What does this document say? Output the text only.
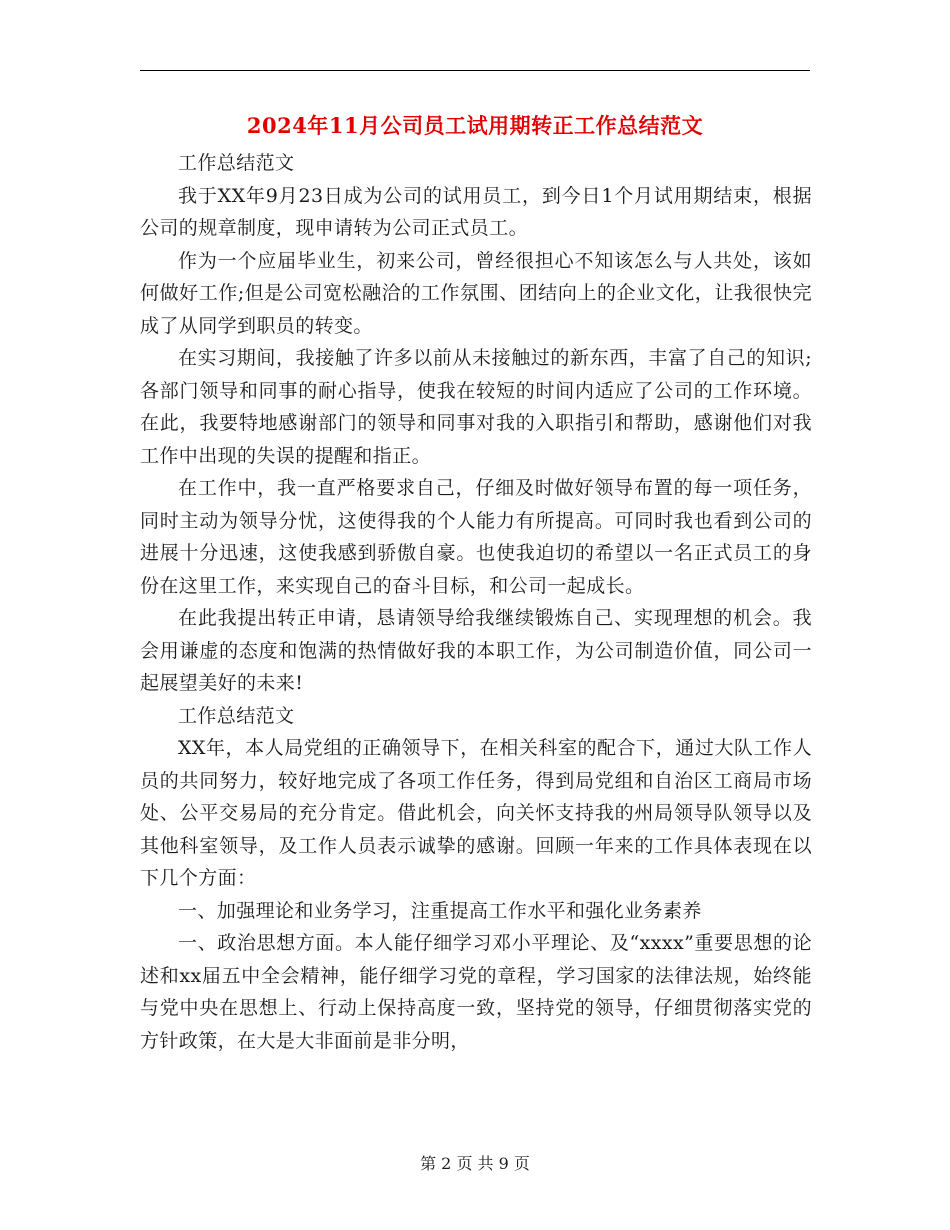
2024年11月公司员工试用期转正工作总结范文

工作总结范文

我于XX年9月23日成为公司的试用员工，到今日1个月试用期结束，根据公司的规章制度，现申请转为公司正式员工。

作为一个应届毕业生，初来公司，曾经很担心不知该怎么与人共处，该如何做好工作;但是公司宽松融洽的工作氛围、团结向上的企业文化，让我很快完成了从同学到职员的转变。

在实习期间，我接触了许多以前从未接触过的新东西，丰富了自己的知识;各部门领导和同事的耐心指导，使我在较短的时间内适应了公司的工作环境。在此，我要特地感谢部门的领导和同事对我的入职指引和帮助，感谢他们对我工作中出现的失误的提醒和指正。

在工作中，我一直严格要求自己，仔细及时做好领导布置的每一项任务，同时主动为领导分忧，这使得我的个人能力有所提高。可同时我也看到公司的进展十分迅速，这使我感到骄傲自豪。也使我迫切的希望以一名正式员工的身份在这里工作，来实现自己的奋斗目标，和公司一起成长。

在此我提出转正申请，恳请领导给我继续锻炼自己、实现理想的机会。我会用谦虚的态度和饱满的热情做好我的本职工作，为公司制造价值，同公司一起展望美好的未来!

工作总结范文

XX年，本人局党组的正确领导下，在相关科室的配合下，通过大队工作人员的共同努力，较好地完成了各项工作任务，得到局党组和自治区工商局市场处、公平交易局的充分肯定。借此机会，向关怀支持我的州局领导队领导以及其他科室领导，及工作人员表示诚挚的感谢。回顾一年来的工作具体表现在以下几个方面：

一、加强理论和业务学习，注重提高工作水平和强化业务素养

一、政治思想方面。本人能仔细学习邓小平理论、及“xxxx”重要思想的论述和xx届五中全会精神，能仔细学习党的章程，学习国家的法律法规，始终能与党中央在思想上、行动上保持高度一致，坚持党的领导，仔细贯彻落实党的方针政策，在大是大非面前是非分明，

第 2 页 共 9 页
